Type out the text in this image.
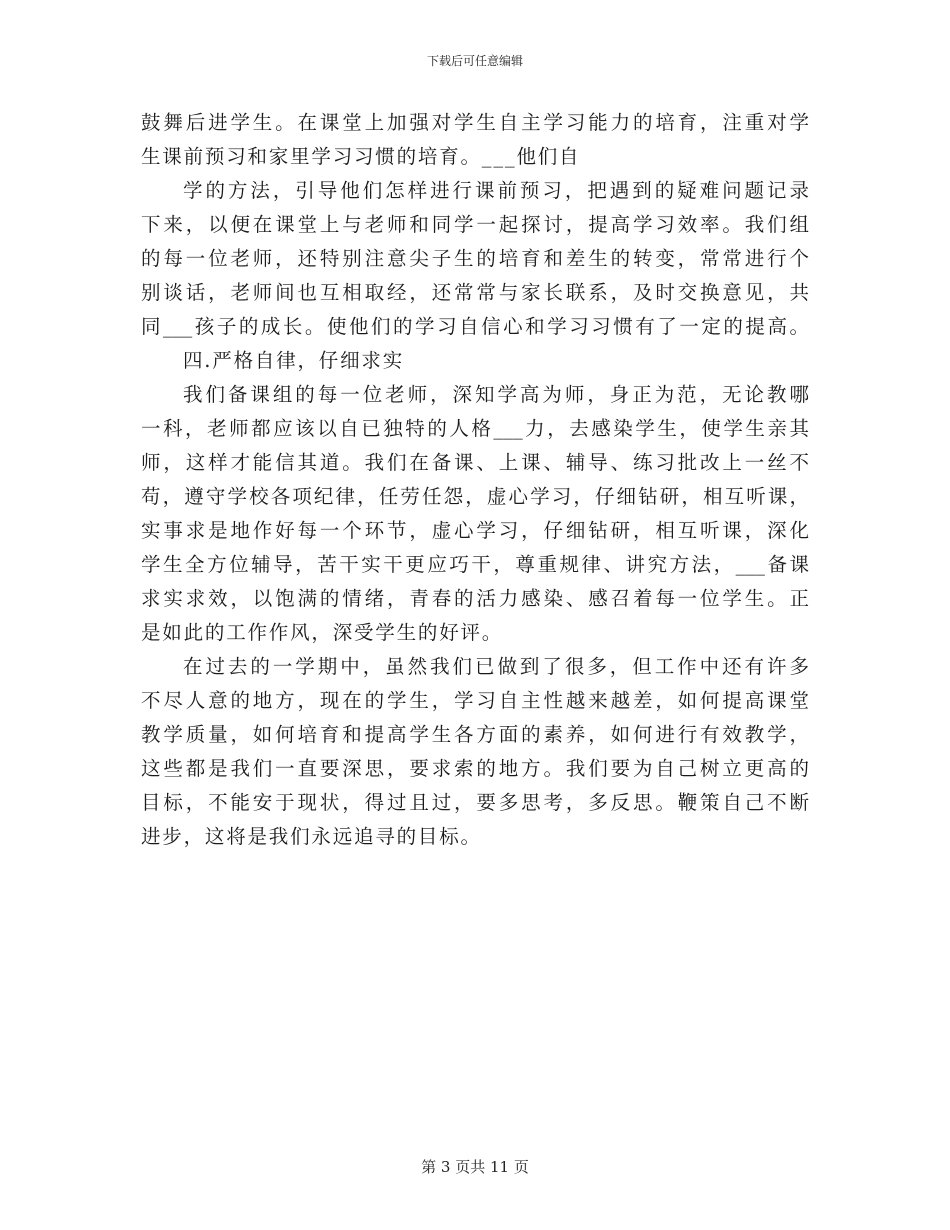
下载后可任意编辑
鼓舞后进学生。在课堂上加强对学生自主学习能力的培育，注重对学
生课前预习和家里学习习惯的培育。___他们自
学的方法，引导他们怎样进行课前预习，把遇到的疑难问题记录
下来，以便在课堂上与老师和同学一起探讨，提高学习效率。我们组
的每一位老师，还特别注意尖子生的培育和差生的转变，常常进行个
别谈话，老师间也互相取经，还常常与家长联系，及时交换意见，共
同___孩子的成长。使他们的学习自信心和学习习惯有了一定的提高。
四.严格自律，仔细求实
我们备课组的每一位老师，深知学高为师，身正为范，无论教哪
一科，老师都应该以自已独特的人格___力，去感染学生，使学生亲其
师，这样才能信其道。我们在备课、上课、辅导、练习批改上一丝不
苟，遵守学校各项纪律，任劳任怨，虚心学习，仔细钻研，相互听课，
实事求是地作好每一个环节，虚心学习，仔细钻研，相互听课，深化
学生全方位辅导，苦干实干更应巧干，尊重规律、讲究方法，___备课
求实求效，以饱满的情绪，青春的活力感染、感召着每一位学生。正
是如此的工作作风，深受学生的好评。
在过去的一学期中，虽然我们已做到了很多，但工作中还有许多
不尽人意的地方，现在的学生，学习自主性越来越差，如何提高课堂
教学质量，如何培育和提高学生各方面的素养，如何进行有效教学，
这些都是我们一直要深思，要求索的地方。我们要为自己树立更高的
目标，不能安于现状，得过且过，要多思考，多反思。鞭策自己不断
进步，这将是我们永远追寻的目标。
第 3 页共 11 页
